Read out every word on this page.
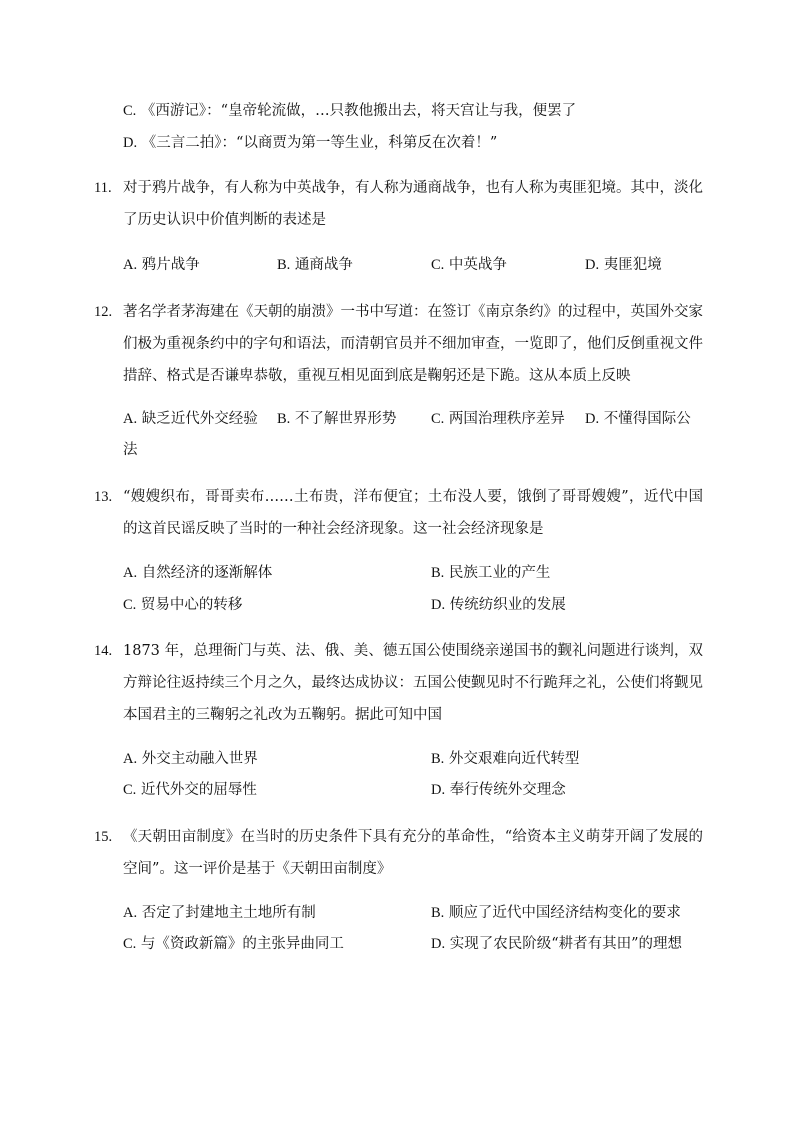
C. 《西游记》：“皇帝轮流做，…只教他搬出去，将天宫让与我，便罢了
D. 《三言二拍》：“以商贾为第一等生业，科第反在次着！”
11. 对于鸦片战争，有人称为中英战争，有人称为通商战争，也有人称为夷匪犯境。其中，淡化了历史认识中价值判断的表述是
A. 鸦片战争	B. 通商战争	C. 中英战争	D. 夷匪犯境
12. 著名学者茅海建在《天朝的崩溃》一书中写道：在签订《南京条约》的过程中，英国外交家们极为重视条约中的字句和语法，而清朝官员并不细加审查，一览即了，他们反倒重视文件措辞、格式是否谦卑恭敬，重视互相见面到底是鞠躬还是下跪。这从本质上反映
A. 缺乏近代外交经验 B. 不了解世界形势 C. 两国治理秩序差异 D. 不懂得国际公
法
13. “嫂嫂织布，哥哥卖布……土布贵，洋布便宜；土布没人要，饿倒了哥哥嫂嫂”，近代中国的这首民谣反映了当时的一种社会经济现象。这一社会经济现象是
A. 自然经济的逐渐解体	B. 民族工业的产生
C. 贸易中心的转移	D. 传统纺织业的发展
14. 1873 年，总理衙门与英、法、俄、美、德五国公使围绕亲递国书的觐礼问题进行谈判，双方辩论往返持续三个月之久，最终达成协议：五国公使觐见时不行跪拜之礼，公使们将觐见本国君主的三鞠躬之礼改为五鞠躬。据此可知中国
A. 外交主动融入世界	B. 外交艰难向近代转型
C. 近代外交的屈辱性	D. 奉行传统外交理念
15. 《天朝田亩制度》在当时的历史条件下具有充分的革命性，“给资本主义萌芽开阔了发展的空间”。这一评价是基于《天朝田亩制度》
A. 否定了封建地主土地所有制	B. 顺应了近代中国经济结构变化的要求
C. 与《资政新篇》的主张异曲同工	D. 实现了农民阶级“耕者有其田”的理想
